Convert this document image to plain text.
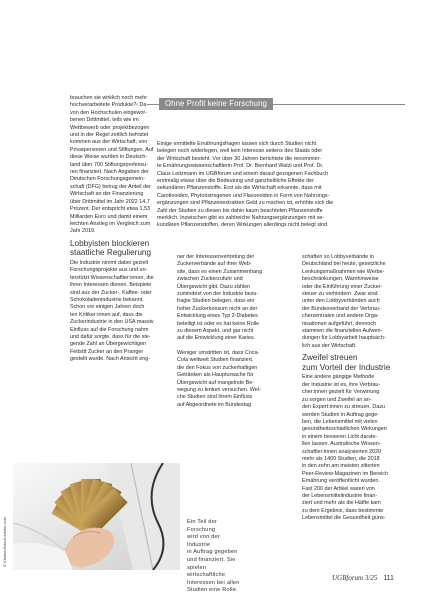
brauchen sie wirklich noch mehr
hochverarbeitete Produkte?‹ Da
von den Hochschulen eingewor-
benen Drittmittel, teils wie im
Wettbewerb oder projektbezogen
und in der Regel zeitlich befristet
kommen aus der Wirtschaft, von
Privatpersonen und Stiftungen. Auf
diese Weise wurden in Deutsch-
land über 700 Stiftungsprofessu-
ren finanziert. Nach Angaben der
Deutschen Forschungsgemein-
schaft (DFG) betrug der Anteil der
Wirtschaft an der Finanzierung
über Drittmittel im Jahr 2022 14,7
Prozent. Der entspricht etwa 1,53
Milliarden Euro und damit einem
leichten Anstieg im Vergleich zum
Jahr 2019.

Lobbyisten blockieren
staatliche Regulierung

Die Industrie nimmt dabei gezielt
Forschungsprojekte aus und un-
terstützt Wissenschaftler:innen, die
ihren Interessen dienen. Beispiele
sind aus der Zucker-, Kaffee- oder
Schokoladenindustrie bekannt.
Schon vor einigen Jahren doch
ten Kritiker:innen auf, dass die
Zuckerindustrie in den USA massiv
Einfluss auf die Forschung nahm
und dafür sorgte, dass für die ste-
gende Zahl an Übergewichtigen
Fettsttt Zucker an den Pranger
gestellt wurde. Nach Ansicht eng-

Ohne Profit keine Forschung
Einige ermittelte Ernährungsfragen lassen sich durch Studien nicht
belegen noch widerlegen, weil kein Interesse seitens des Staats oder
der Wirtschaft besteht. Vor über 30 Jahren berichtete die renommier-
te Ernährungswissenschaftlerin Prof. Dr. Bernhard Watzl und Prof. Dr.
Claus Leitzmann im UGBforum und einem darauf gezogenen Fachbuch
erstmalig etwas über die Bedeutung und ganzheitliche Effekte der
sekundären Pflanzenstoffe. Erst als die Wirtschaft erkannte, dass mit
Carotinoiden, Phytoöstrogenen und Flavonoiden in Form von Nahrungs-
ergänzungen sind Pflanzenextrakten Geld zu machen ist, erhöhte sich die
Zahl der Studien zu diesen bis dahin kaum beachteten Pflanzenstoffe
merklich. Inzwischen gibt es zahlreiche Nahrungsergänzungen mit se-
kundären Pflanzenstoffen, deren Wirkungen allerdings nicht belegt sind.

ner der Interessenvertretung der
Zuckerverbände auf ihrer Web-
site, dass es einen Zusammenhang
zwischen Zuckerzufuhr und
Übergewicht gibt. Dazu zählen
zumindest von der Industrie bezu-
fragte Studien belegen, dass ein
hoher Zuckerkonsum nicht an der
Entwicklung eines Typ 2-Diabetes
beteiligt ist oder es hat keine Rolle
zu diesem Aspekt, und gar nicht
auf die Entwicklung einer Karies.

Weniger umstritten ist, dass Coca-
Cola weltweit Studien finanziert,
die den Fokus von zuckerhaltigen
Getränken als Hauptursache für
Übergewicht auf mangelnde Be-
wegung zu lenken versuchen. Wel-
che Studien sind ihrem Einfluss
auf Abgeordnete im Bundestag

schaften so Lobbyverbände in
Deutschland bei heute, gesetzliche
Lenkungsmaßnahmen wie Werbe-
beschränkungen, Warnhinweise
oder die Einführung einer Zucker-
steuer zu verhindern. Zwar sind
unter den Lobbyverbänden auch
der Bundesverband der Verbrau-
cherzentralen und andere Orga-
nisationen aufgeführt, dennoch
stammen die finanziellen Aufwen-
dungen für Lobbyarbeit hauptsäch-
lich aus der Wirtschaft.

Zweifel streuen
zum Vorteil der Industrie

Eine andere gängige Methode
der Industrie ist es, ihre Verbrau-
cher:innen gezielt für Verwirrung
zu sorgen und Zweifel an an-
den Expert:innen zu streuen. Dazu
werden Studien in Auftrag gege-
ben, die Lebensmittel mit vielen
gesundheitsschädlichen Wirkungen
in einem besseren Licht darste-
llen lassen. Australische Wissen-
schaftler:innen analysierten 2020
mehr als 1400 Studien, die 2018
in den zehn am meisten zitierten
Peer-Review-Magazinen im Bereich
Ernährung veröffentlicht wurden.
Fast 200 der Artikel waren von
der Lebensmittelindustrie finan-
ziert und mehr als die Hälfte kam
zu dem Ergebnis, dass bestimmte
Lebensmittel die Gesundheit güns-

© Kimmerl/stock.adobe.com	Ein Teil der Forschung
wird von der Industrie
in Auftrag gegeben
und finanziert. Sie
spielen wirtschaftliche
Interessen bei allen
Studien eine Rolle.
UGBforum 3/25 111
